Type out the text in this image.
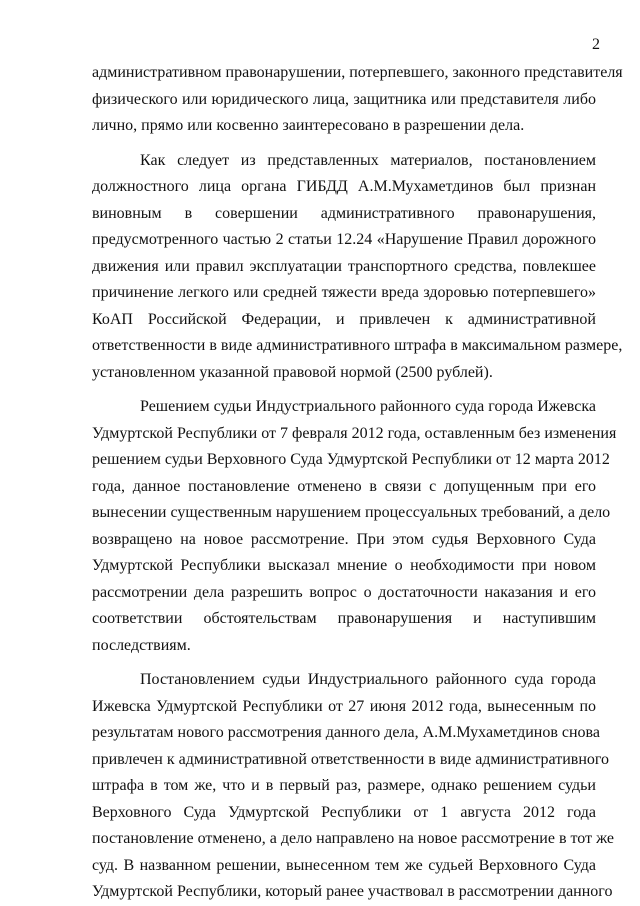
2
административном правонарушении, потерпевшего, законного представителя
физического или юридического лица, защитника или представителя либо
лично, прямо или косвенно заинтересовано в разрешении дела.
Как следует из представленных материалов, постановлением
должностного лица органа ГИБДД А.М.Мухаметдинов был признан
виновным в совершении административного правонарушения,
предусмотренного частью 2 статьи 12.24 «Нарушение Правил дорожного
движения или правил эксплуатации транспортного средства, повлекшее
причинение легкого или средней тяжести вреда здоровью потерпевшего»
КоАП Российской Федерации, и привлечен к административной
ответственности в виде административного штрафа в максимальном размере,
установленном указанной правовой нормой (2500 рублей).
Решением судьи Индустриального районного суда города Ижевска
Удмуртской Республики от 7 февраля 2012 года, оставленным без изменения
решением судьи Верховного Суда Удмуртской Республики от 12 марта 2012
года, данное постановление отменено в связи с допущенным при его
вынесении существенным нарушением процессуальных требований, а дело
возвращено на новое рассмотрение. При этом судья Верховного Суда
Удмуртской Республики высказал мнение о необходимости при новом
рассмотрении дела разрешить вопрос о достаточности наказания и его
соответствии обстоятельствам правонарушения и наступившим
последствиям.
Постановлением судьи Индустриального районного суда города
Ижевска Удмуртской Республики от 27 июня 2012 года, вынесенным по
результатам нового рассмотрения данного дела, А.М.Мухаметдинов снова
привлечен к административной ответственности в виде административного
штрафа в том же, что и в первый раз, размере, однако решением судьи
Верховного Суда Удмуртской Республики от 1 августа 2012 года
постановление отменено, а дело направлено на новое рассмотрение в тот же
суд. В названном решении, вынесенном тем же судьей Верховного Суда
Удмуртской Республики, который ранее участвовал в рассмотрении данного
